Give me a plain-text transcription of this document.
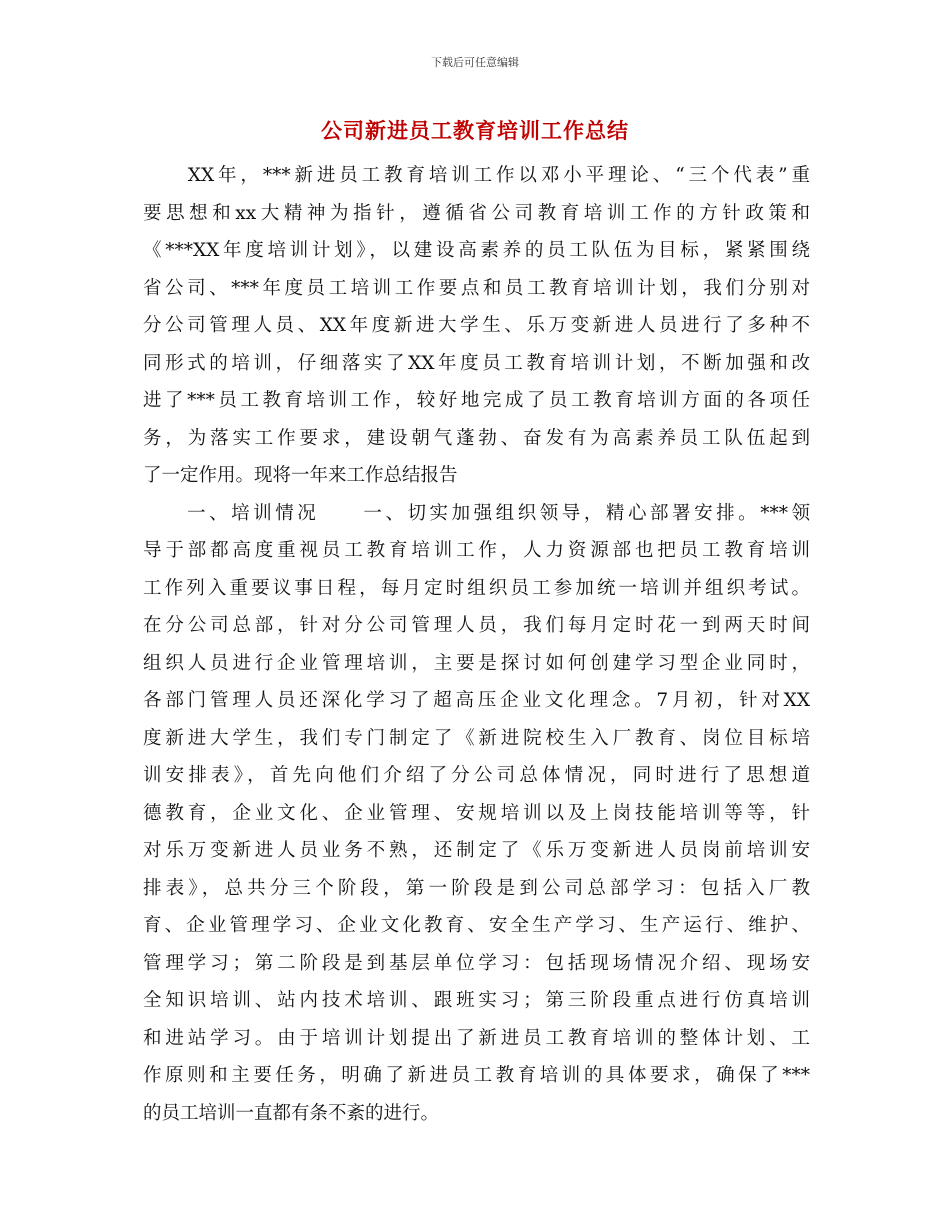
下载后可任意编辑
公司新进员工教育培训工作总结
　　XX年，***新进员工教育培训工作以邓小平理论、“三个代表”重
要思想和xx大精神为指针，遵循省公司教育培训工作的方针政策和
《***XX年度培训计划》，以建设高素养的员工队伍为目标，紧紧围绕
省公司、***年度员工培训工作要点和员工教育培训计划，我们分别对
分公司管理人员、XX年度新进大学生、乐万变新进人员进行了多种不
同形式的培训，仔细落实了XX年度员工教育培训计划，不断加强和改
进了***员工教育培训工作，较好地完成了员工教育培训方面的各项任
务，为落实工作要求，建设朝气蓬勃、奋发有为高素养员工队伍起到
了一定作用。现将一年来工作总结报告
　　一、培训情况　　一、切实加强组织领导，精心部署安排。***领
导于部都高度重视员工教育培训工作，人力资源部也把员工教育培训
工作列入重要议事日程，每月定时组织员工参加统一培训并组织考试。
在分公司总部，针对分公司管理人员，我们每月定时花一到两天时间
组织人员进行企业管理培训，主要是探讨如何创建学习型企业同时，
各部门管理人员还深化学习了超高压企业文化理念。7月初，针对XX
度新进大学生，我们专门制定了《新进院校生入厂教育、岗位目标培
训安排表》，首先向他们介绍了分公司总体情况，同时进行了思想道
德教育，企业文化、企业管理、安规培训以及上岗技能培训等等，针
对乐万变新进人员业务不熟，还制定了《乐万变新进人员岗前培训安
排表》，总共分三个阶段，第一阶段是到公司总部学习：包括入厂教
育、企业管理学习、企业文化教育、安全生产学习、生产运行、维护、
管理学习；第二阶段是到基层单位学习：包括现场情况介绍、现场安
全知识培训、站内技术培训、跟班实习；第三阶段重点进行仿真培训
和进站学习。由于培训计划提出了新进员工教育培训的整体计划、工
作原则和主要任务，明确了新进员工教育培训的具体要求，确保了***
的员工培训一直都有条不紊的进行。
